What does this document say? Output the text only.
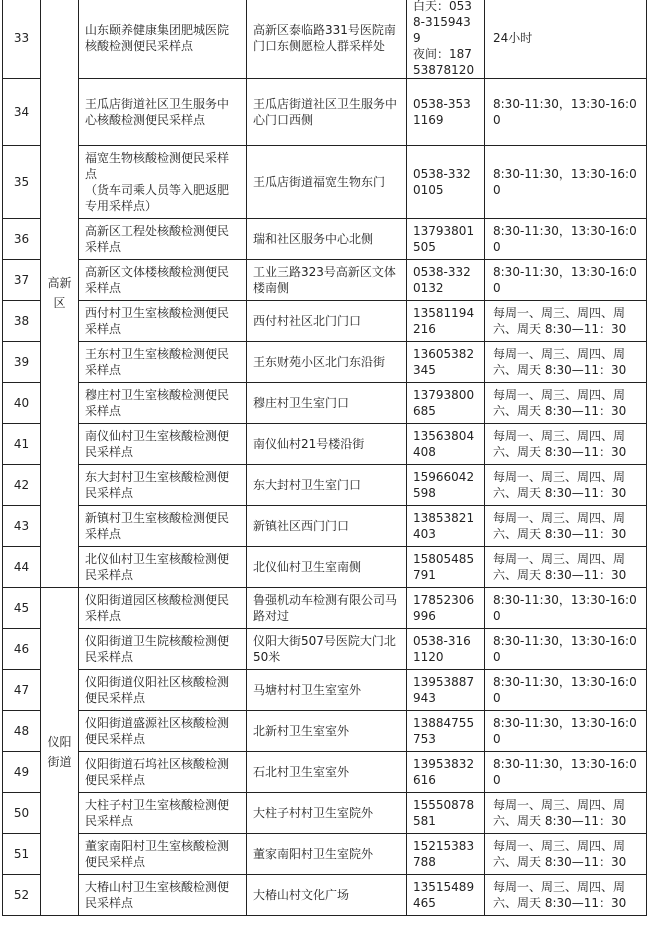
33	高新区	山东颐养健康集团肥城医院核酸检测便民采样点	高新区泰临路331号医院南门口东侧愿检人群采样处	白天：0538-3159439
夜间：18753878120	24小时
34		王瓜店街道社区卫生服务中心核酸检测便民采样点	王瓜店街道社区卫生服务中心门口西侧	0538-3531169	8:30-11:30，13:30-16:00
35		福宽生物核酸检测便民采样点
（货车司乘人员等入肥返肥专用采样点）	王瓜店街道福宽生物东门	0538-3320105	8:30-11:30，13:30-16:00
36		高新区工程处核酸检测便民采样点	瑞和社区服务中心北侧	13793801505	8:30-11:30，13:30-16:00
37		高新区文体楼核酸检测便民采样点	工业三路323号高新区文体楼南侧	0538-3320132	8:30-11:30，13:30-16:00
38		西付村卫生室核酸检测便民采样点	西付村社区北门门口	13581194216	每周一、周三、周四、周六、周天 8:30—11：30
39		王东村卫生室核酸检测便民采样点	王东财苑小区北门东沿街	13605382345	每周一、周三、周四、周六、周天 8:30—11：30
40		穆庄村卫生室核酸检测便民采样点	穆庄村卫生室门口	13793800685	每周一、周三、周四、周六、周天 8:30—11：30
41		南仪仙村卫生室核酸检测便民采样点	南仪仙村21号楼沿街	13563804408	每周一、周三、周四、周六、周天 8:30—11：30
42		东大封村卫生室核酸检测便民采样点	东大封村卫生室门口	15966042598	每周一、周三、周四、周六、周天 8:30—11：30
43		新镇村卫生室核酸检测便民采样点	新镇社区西门门口	13853821403	每周一、周三、周四、周六、周天 8:30—11：30
44		北仪仙村卫生室核酸检测便民采样点	北仪仙村卫生室南侧	15805485791	每周一、周三、周四、周六、周天 8:30—11：30
45	仪阳街道	仪阳街道园区核酸检测便民采样点	鲁强机动车检测有限公司马路对过	17852306996	8:30-11:30，13:30-16:00
46		仪阳街道卫生院核酸检测便民采样点	仪阳大街507号医院大门北50米	0538-3161120	8:30-11:30，13:30-16:00
47		仪阳街道仪阳社区核酸检测便民采样点	马塘村村卫生室室外	13953887943	8:30-11:30，13:30-16:00
48		仪阳街道盛源社区核酸检测便民采样点	北新村卫生室室外	13884755753	8:30-11:30，13:30-16:00
49		仪阳街道石坞社区核酸检测便民采样点	石北村卫生室室外	13953832616	8:30-11:30，13:30-16:00
50		大柱子村卫生室核酸检测便民采样点	大柱子村村卫生室院外	15550878581	每周一、周三、周四、周六、周天 8:30—11：30
51		董家南阳村卫生室核酸检测便民采样点	董家南阳村卫生室院外	15215383788	每周一、周三、周四、周六、周天 8:30—11：30
52		大椿山村卫生室核酸检测便民采样点	大椿山村文化广场	13515489465	每周一、周三、周四、周六、周天 8:30—11：30
